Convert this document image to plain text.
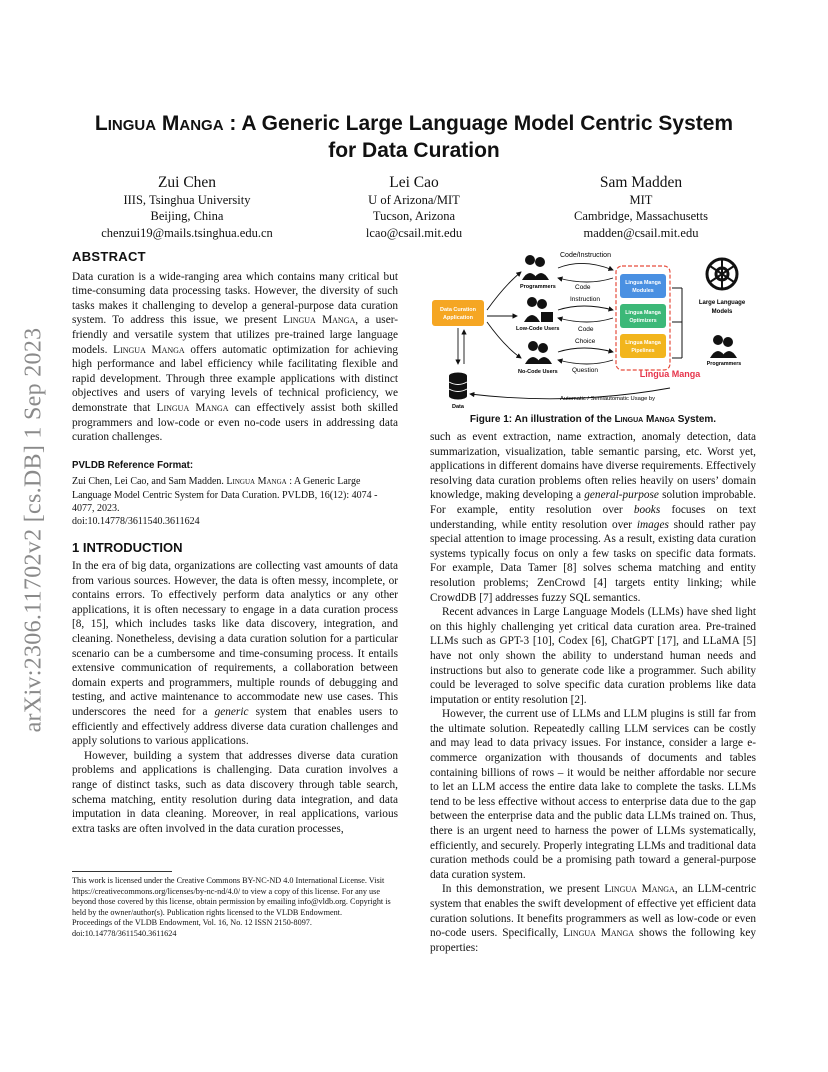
arXiv:2306.11702v2 [cs.DB] 1 Sep 2023
Lingua Manga : A Generic Large Language Model Centric System
for Data Curation
Zui Chen
IIIS, Tsinghua University
Beijing, China
chenzui19@mails.tsinghua.edu.cn
Lei Cao
U of Arizona/MIT
Tucson, Arizona
lcao@csail.mit.edu
Sam Madden
MIT
Cambridge, Massachusetts
madden@csail.mit.edu
ABSTRACT

Data curation is a wide-ranging area which contains many critical but time-consuming data processing tasks. However, the diversity of such tasks makes it challenging to develop a general-purpose data curation system. To address this issue, we present Lingua Manga, a user-friendly and versatile system that utilizes pre-trained large language models. Lingua Manga offers automatic optimization for achieving high performance and label efficiency while facilitating flexible and rapid development. Through three example applications with distinct objectives and users of varying levels of technical proficiency, we demonstrate that Lingua Manga can effectively assist both skilled programmers and low-code or even no-code users in addressing data curation challenges.

PVLDB Reference Format:

Zui Chen, Lei Cao, and Sam Madden. Lingua Manga : A Generic Large Language Model Centric System for Data Curation. PVLDB, 16(12): 4074 - 4077, 2023.
doi:10.14778/3611540.3611624

1 INTRODUCTION

In the era of big data, organizations are collecting vast amounts of data from various sources. However, the data is often messy, incomplete, or contains errors. To effectively perform data analytics or any other applications, it is often necessary to engage in a data curation process [8, 15], which includes tasks like data discovery, integration, and cleaning. Nonetheless, devising a data curation solution for a particular scenario can be a cumbersome and time-consuming process. It entails extensive communication of requirements, a collaboration between domain experts and programmers, multiple rounds of debugging and testing, and active maintenance to accommodate new use cases. This underscores the need for a generic system that enables users to efficiently and effectively address diverse data curation challenges and apply solutions to various applications.

However, building a system that addresses diverse data curation problems and applications is challenging. Data curation involves a range of distinct tasks, such as data discovery through table search, schema matching, entity resolution during data integration, and data imputation in data cleaning. Moreover, in real applications, various extra tasks are often involved in the data curation processes,

This work is licensed under the Creative Commons BY-NC-ND 4.0 International License. Visit https://creativecommons.org/licenses/by-nc-nd/4.0/ to view a copy of this license. For any use beyond those covered by this license, obtain permission by emailing info@vldb.org. Copyright is held by the owner/author(s). Publication rights licensed to the VLDB Endowment.
Proceedings of the VLDB Endowment, Vol. 16, No. 12 ISSN 2150-8097.
doi:10.14778/3611540.3611624
Code/Instruction
Programmers
Low-Code Users
No-Code Users
Code
Instruction
Code
Choice
Question
Data Curation
Application
Lingua Manga
Modules
Lingua Manga
Optimizers
Lingua Manga
Pipelines
Lingua Manga
Large Language
Models
Programmers
Data
Automatic / Semiautomatic Usage by
Figure 1: An illustration of the Lingua Manga System.

such as event extraction, name extraction, anomaly detection, data summarization, visualization, table semantic parsing, etc. Worst yet, applications in different domains have diverse requirements. Effectively resolving data curation problems often relies heavily on users’ domain knowledge, making developing a general-purpose solution improbable. For example, entity resolution over books focuses on text understanding, while entity resolution over images should rather pay special attention to image processing. As a result, existing data curation systems typically focus on only a few tasks on specific data formats. For example, Data Tamer [8] solves schema matching and entity resolution problems; ZenCrowd [4] targets entity linking; while CrowdDB [7] addresses fuzzy SQL semantics.

Recent advances in Large Language Models (LLMs) have shed light on this highly challenging yet critical data curation area. Pre-trained LLMs such as GPT-3 [10], Codex [6], ChatGPT [17], and LLaMA [5] have not only shown the ability to understand human needs and instructions but also to generate code like a programmer. Such ability could be leveraged to solve specific data curation problems like data imputation or entity resolution [2].

However, the current use of LLMs and LLM plugins is still far from the ultimate solution. Repeatedly calling LLM services can be costly and may lead to data privacy issues. For instance, consider a large e-commerce organization with thousands of documents and tables containing billions of rows – it would be neither affordable nor secure to let an LLM access the entire data lake to complete the tasks. LLMs tend to be less effective without access to enterprise data due to the gap between the enterprise data and the public data LLMs trained on. Thus, there is an urgent need to harness the power of LLMs systematically, efficiently, and securely. Properly integrating LLMs and traditional data curation methods could be a promising path toward a general-purpose data curation system.

In this demonstration, we present Lingua Manga, an LLM-centric system that enables the swift development of effective yet efficient data curation solutions. It benefits programmers as well as low-code or even no-code users. Specifically, Lingua Manga shows the following key properties:
